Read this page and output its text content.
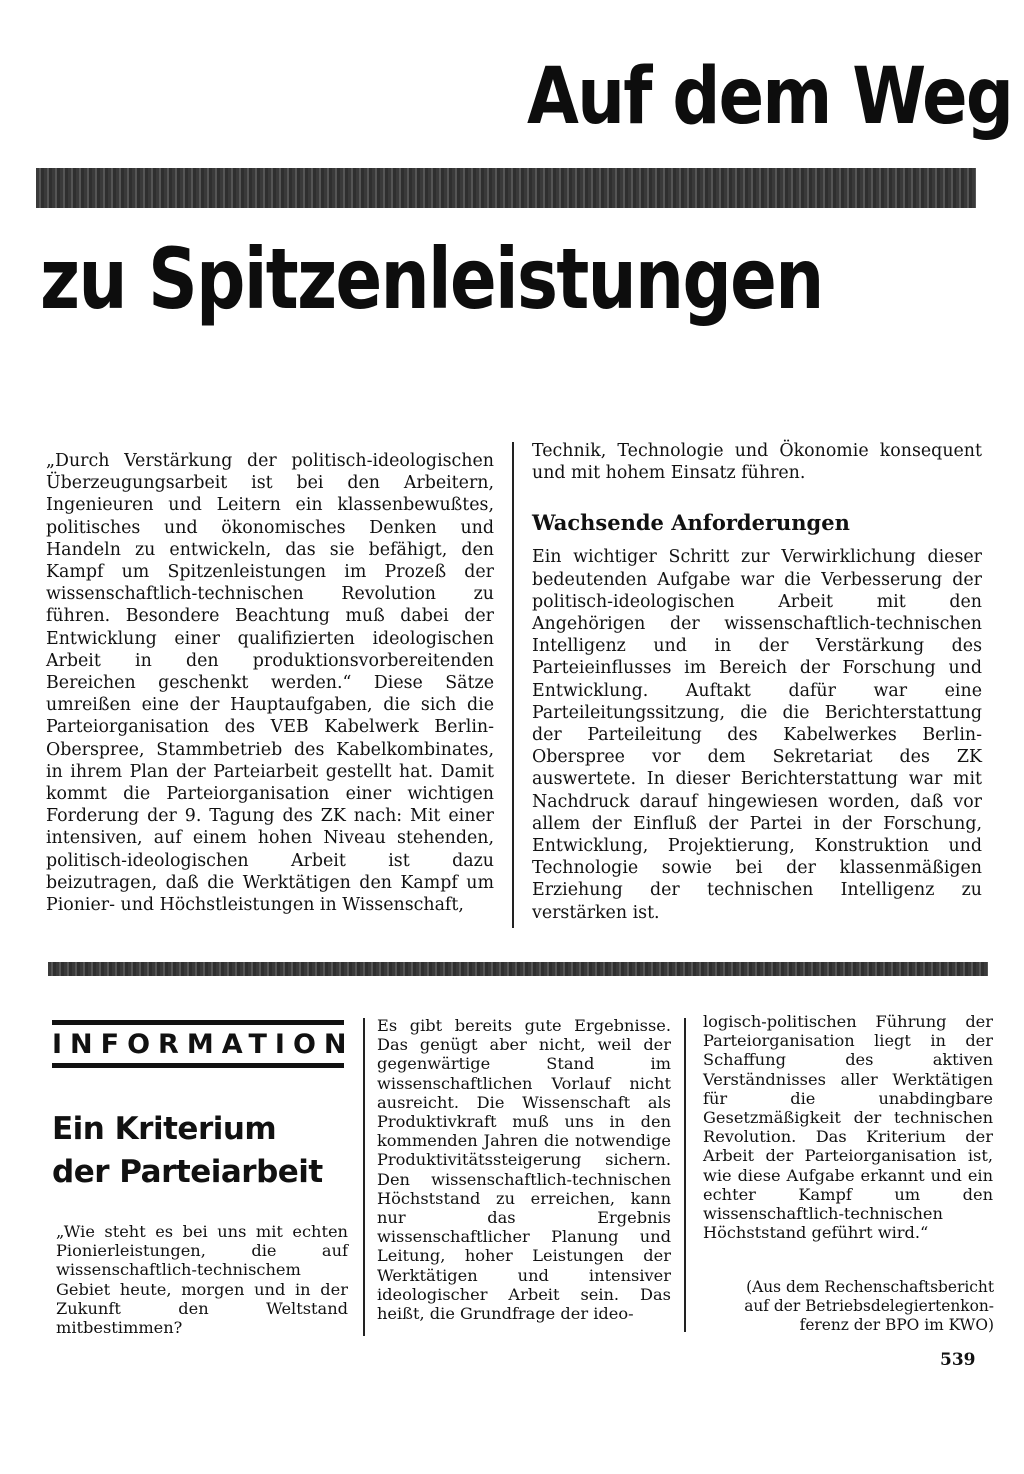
Auf dem Weg
zu Spitzenleistungen

„Durch Verstärkung der politisch-ideologischen Überzeugungsarbeit ist bei den Arbeitern, Ingenieuren und Leitern ein klassenbewußtes, politisches und ökonomisches Denken und Handeln zu entwickeln, das sie befähigt, den Kampf um Spitzenleistungen im Prozeß der wissenschaftlich-technischen Revolution zu führen. Besondere Beachtung muß dabei der Entwicklung einer qualifizierten ideologischen Arbeit in den produktionsvorbereitenden Bereichen geschenkt werden.“ Diese Sätze umreißen eine der Hauptaufgaben, die sich die Parteiorganisation des VEB Kabelwerk Berlin-Oberspree, Stammbetrieb des Kabelkombinates, in ihrem Plan der Parteiarbeit gestellt hat. Damit kommt die Parteiorganisation einer wichtigen Forderung der 9. Tagung des ZK nach: Mit einer intensiven, auf einem hohen Niveau stehenden, politisch-ideologischen Arbeit ist dazu beizutragen, daß die Werktätigen den Kampf um Pionier- und Höchstleistungen in Wissenschaft,

Technik, Technologie und Ökonomie konsequent und mit hohem Einsatz führen.

Wachsende Anforderungen

Ein wichtiger Schritt zur Verwirklichung dieser bedeutenden Aufgabe war die Verbesserung der politisch-ideologischen Arbeit mit den Angehörigen der wissenschaftlich-technischen Intelligenz und in der Verstärkung des Parteieinflusses im Bereich der Forschung und Entwicklung. Auftakt dafür war eine Parteileitungssitzung, die die Berichterstattung der Parteileitung des Kabelwerkes Berlin-Oberspree vor dem Sekretariat des ZK auswertete. In dieser Berichterstattung war mit Nachdruck darauf hingewiesen worden, daß vor allem der Einfluß der Partei in der Forschung, Entwicklung, Projektierung, Konstruktion und Technologie sowie bei der klassenmäßigen Erziehung der technischen Intelligenz zu verstärken ist.

INFORMATION
Ein Kriterium
der Parteiarbeit

„Wie steht es bei uns mit echten Pionierleistungen, die auf wissenschaftlich-technischem Gebiet heute, morgen und in der Zukunft den Weltstand mitbestimmen?

Es gibt bereits gute Ergebnisse. Das genügt aber nicht, weil der gegenwärtige Stand im wissenschaftlichen Vorlauf nicht ausreicht. Die Wissenschaft als Produktivkraft muß uns in den kommenden Jahren die notwendige Produktivitätssteigerung sichern. Den wissenschaftlich-technischen Höchststand zu erreichen, kann nur das Ergebnis wissenschaftlicher Planung und Leitung, hoher Leistungen der Werktätigen und intensiver ideologischer Arbeit sein. Das heißt, die Grundfrage der ideo-

logisch-politischen Führung der Parteiorganisation liegt in der Schaffung des aktiven Verständnisses aller Werktätigen für die unabdingbare Gesetzmäßigkeit der technischen Revolution. Das Kriterium der Arbeit der Parteiorganisation ist, wie diese Aufgabe erkannt und ein echter Kampf um den wissenschaftlich-technischen Höchststand geführt wird.“

(Aus dem Rechenschaftsbericht
auf der Betriebsdelegiertenkon-
ferenz der BPO im KWO)
539
